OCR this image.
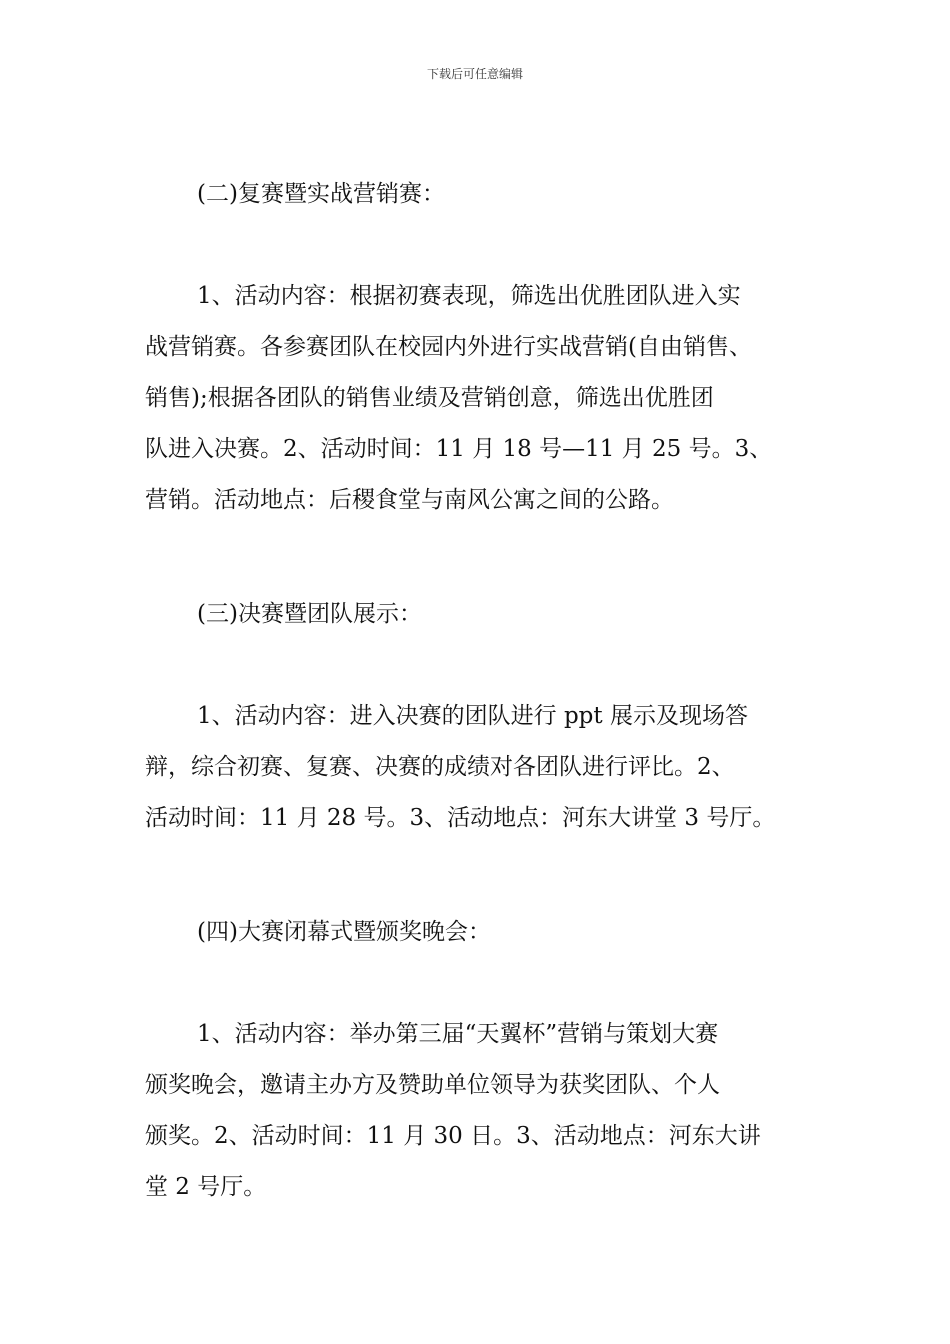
下载后可任意编辑
(二)复赛暨实战营销赛：
1、活动内容：根据初赛表现，筛选出优胜团队进入实
战营销赛。各参赛团队在校园内外进行实战营销(自由销售、
销售);根据各团队的销售业绩及营销创意，筛选出优胜团
队进入决赛。2、活动时间：11 月 18 号—11 月 25 号。3、
营销。活动地点：后稷食堂与南风公寓之间的公路。
(三)决赛暨团队展示：
1、活动内容：进入决赛的团队进行 ppt 展示及现场答
辩，综合初赛、复赛、决赛的成绩对各团队进行评比。2、
活动时间：11 月 28 号。3、活动地点：河东大讲堂 3 号厅。
(四)大赛闭幕式暨颁奖晚会：
1、活动内容：举办第三届“天翼杯”营销与策划大赛
颁奖晚会，邀请主办方及赞助单位领导为获奖团队、个人
颁奖。2、活动时间：11 月 30 日。3、活动地点：河东大讲
堂 2 号厅。
